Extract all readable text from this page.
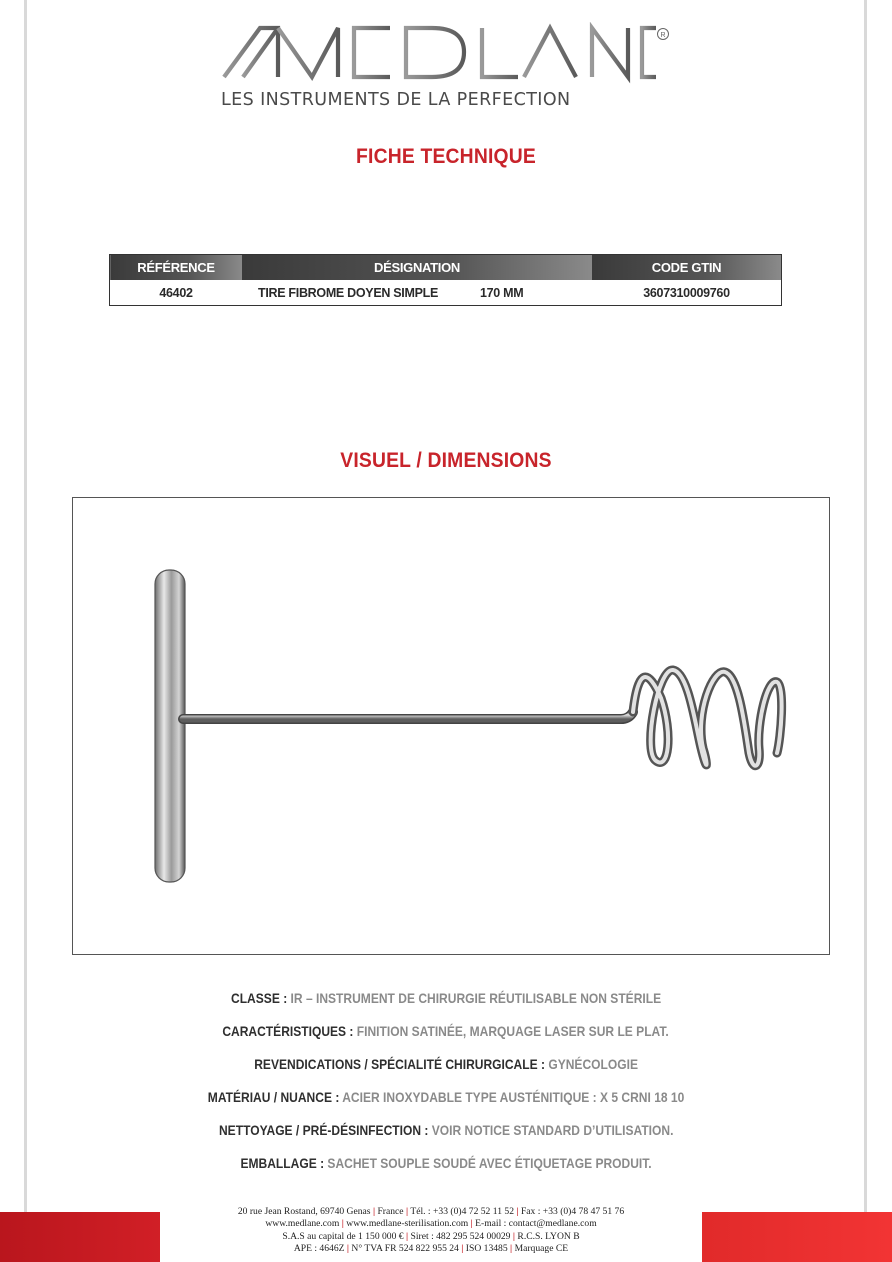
R
LES INSTRUMENTS DE LA PERFECTION
FICHE TECHNIQUE
RÉFÉRENCE	DÉSIGNATION	CODE GTIN
46402	TIRE FIBROME DOYEN SIMPLE 170 MM	3607310009760
VISUEL / DIMENSIONS
CLASSE : IR – INSTRUMENT DE CHIRURGIE RÉUTILISABLE NON STÉRILE
CARACTÉRISTIQUES : FINITION SATINÉE, MARQUAGE LASER SUR LE PLAT.
REVENDICATIONS / SPÉCIALITÉ CHIRURGICALE : GYNÉCOLOGIE
MATÉRIAU / NUANCE : ACIER INOXYDABLE TYPE AUSTÉNITIQUE : X 5 CRNI 18 10
NETTOYAGE / PRÉ-DÉSINFECTION : VOIR NOTICE STANDARD D’UTILISATION.
EMBALLAGE : SACHET SOUPLE SOUDÉ AVEC ÉTIQUETAGE PRODUIT.
20 rue Jean Rostand, 69740 Genas | France | Tél. : +33 (0)4 72 52 11 52 | Fax : +33 (0)4 78 47 51 76
www.medlane.com | www.medlane-sterilisation.com | E-mail : contact@medlane.com
S.A.S au capital de 1 150 000 € | Siret : 482 295 524 00029 | R.C.S. LYON B
APE : 4646Z | N° TVA FR 524 822 955 24 | ISO 13485 | Marquage CE
